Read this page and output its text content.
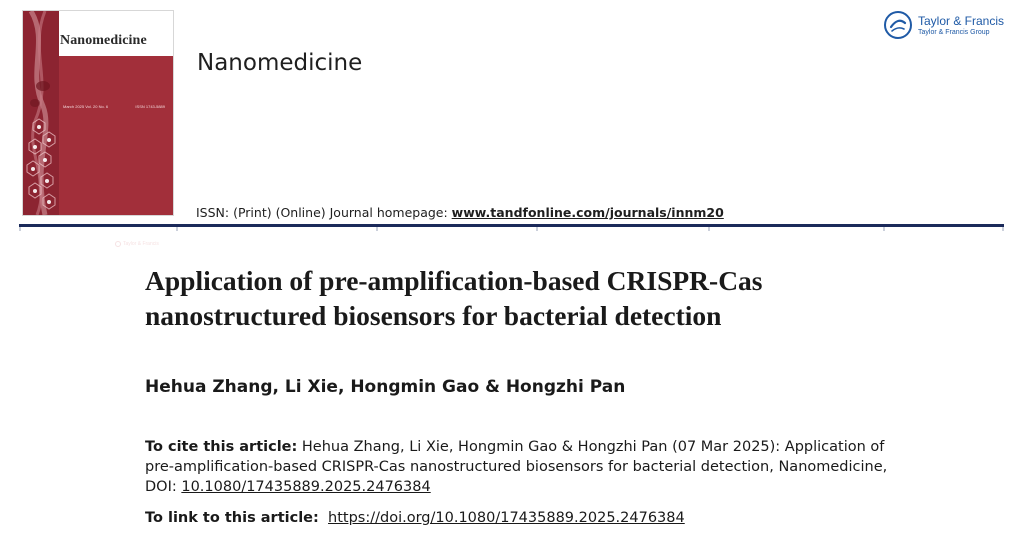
Nanomedicine
March 2025 Vol. 20 No. 6	ISSN 1743-5889
Taylor & Francis
Nanomedicine
ISSN: (Print) (Online) Journal homepage: www.tandfonline.com/journals/innm20
Taylor & Francis
Taylor & Francis Group
Application of pre-amplification-based CRISPR-Cas nanostructured biosensors for bacterial detection
Hehua Zhang, Li Xie, Hongmin Gao & Hongzhi Pan
To cite this article: Hehua Zhang, Li Xie, Hongmin Gao & Hongzhi Pan (07 Mar 2025): Application of pre-amplification-based CRISPR-Cas nanostructured biosensors for bacterial detection, Nanomedicine, DOI: 10.1080/17435889.2025.2476384
To link to this article: https://doi.org/10.1080/17435889.2025.2476384
